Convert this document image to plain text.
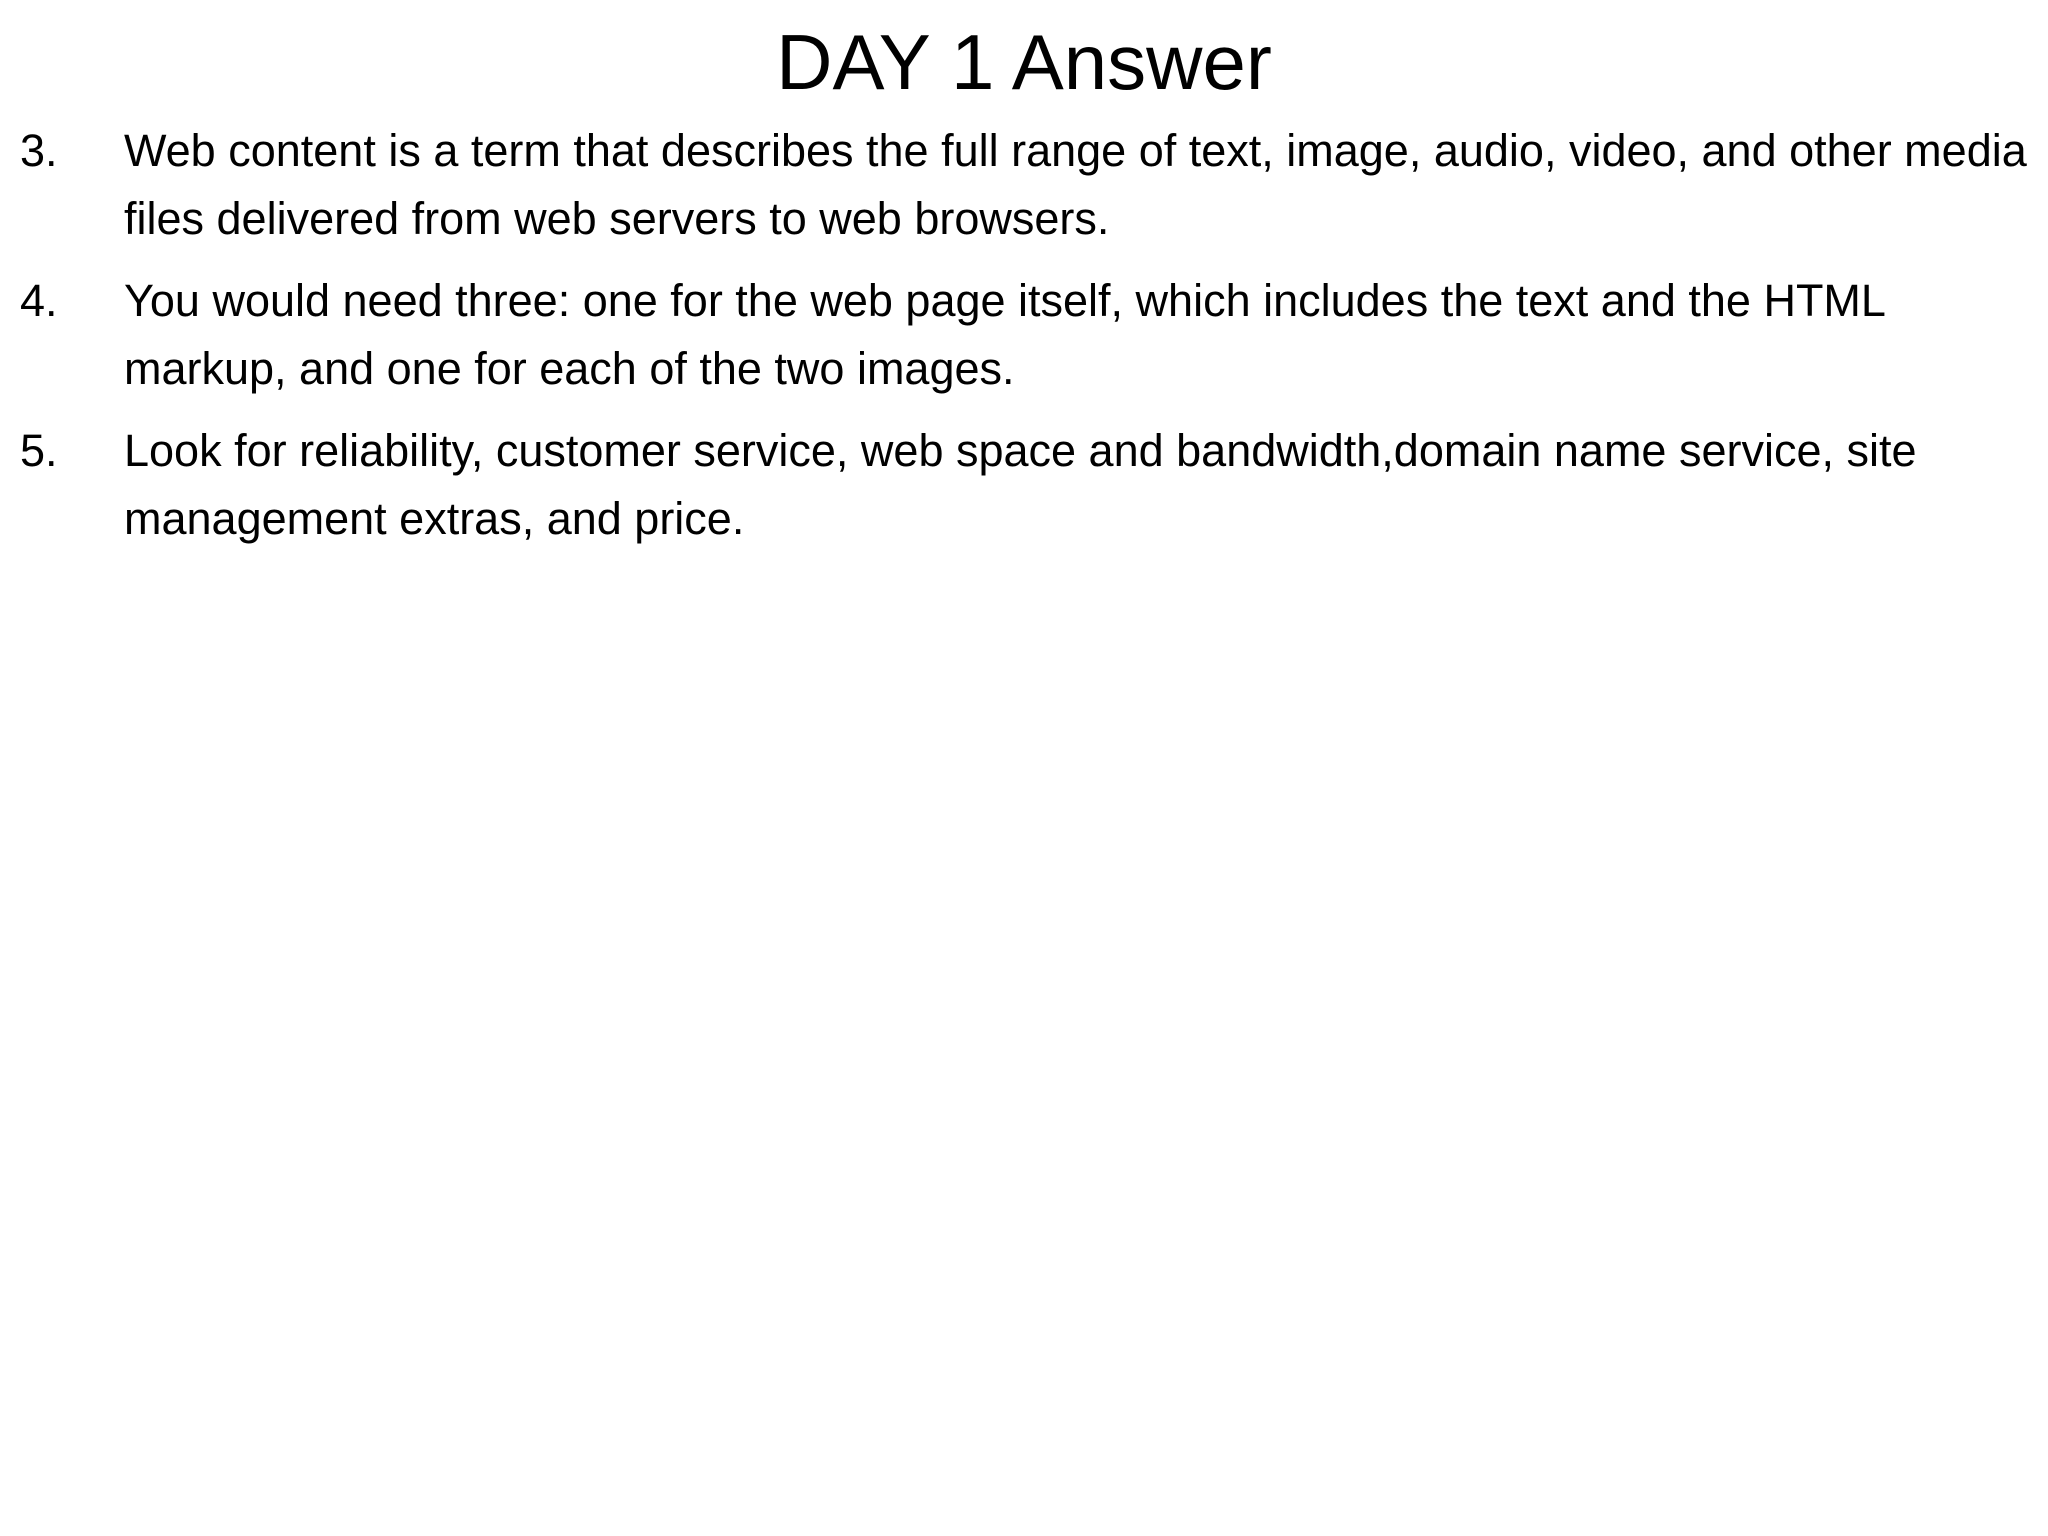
DAY 1 Answer
3.	Web content is a term that describes the full range of text, image, audio, video, and other media files delivered from web servers to web browsers.
4.	You would need three: one for the web page itself, which includes the text and the HTML markup, and one for each of the two images.
5.	Look for reliability, customer service, web space and bandwidth,domain name service, site management extras, and price.
